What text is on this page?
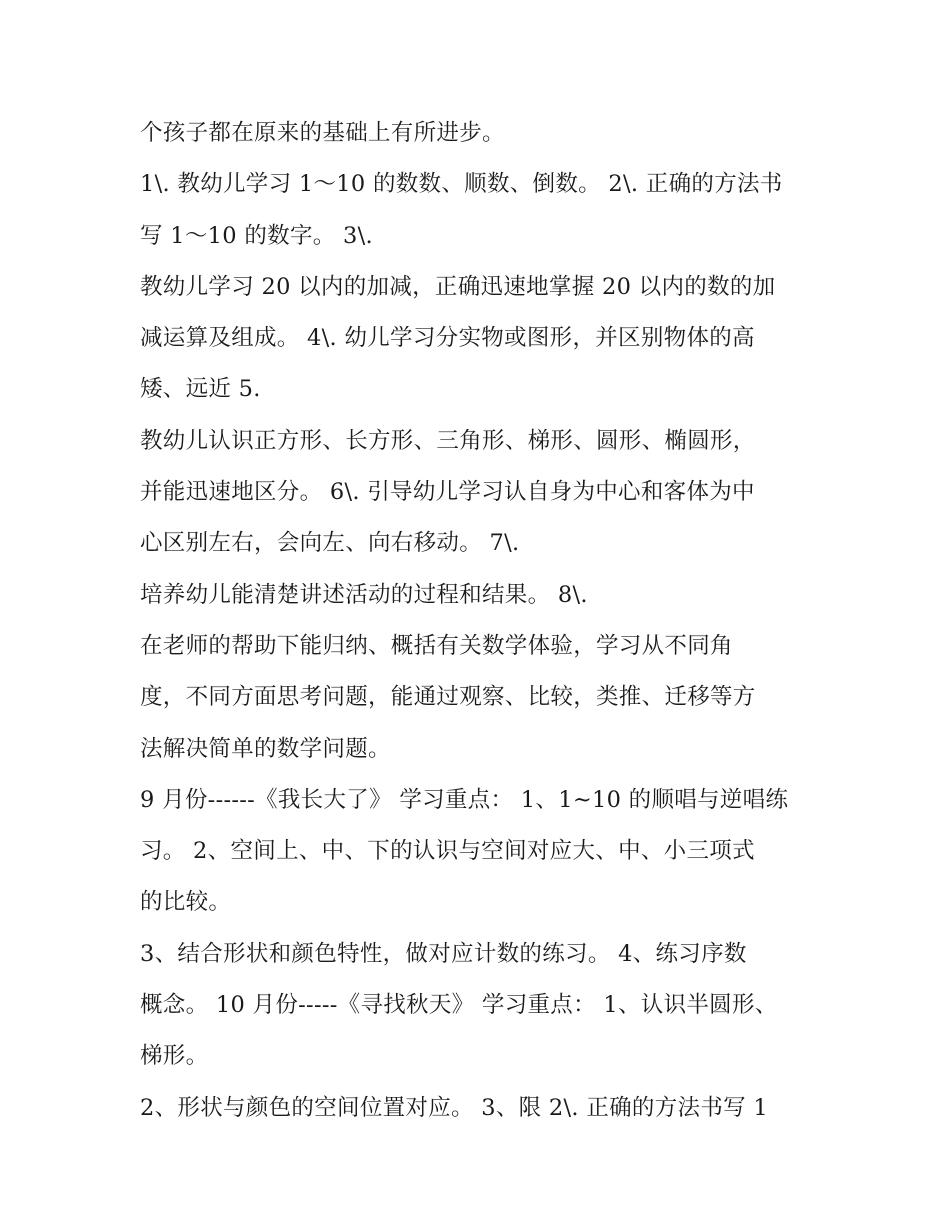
个孩子都在原来的基础上有所进步。
1\. 教幼儿学习 1～10 的数数、顺数、倒数。 2\. 正确的方法书
写 1～10 的数字。 3\.
教幼儿学习 20 以内的加减，正确迅速地掌握 20 以内的数的加
减运算及组成。 4\. 幼儿学习分实物或图形，并区别物体的高
矮、远近 5.
教幼儿认识正方形、长方形、三角形、梯形、圆形、椭圆形，
并能迅速地区分。 6\. 引导幼儿学习认自身为中心和客体为中
心区别左右，会向左、向右移动。 7\.
培养幼儿能清楚讲述活动的过程和结果。 8\.
在老师的帮助下能归纳、概括有关数学体验，学习从不同角
度，不同方面思考问题，能通过观察、比较，类推、迁移等方
法解决简单的数学问题。
9 月份------《我长大了》 学习重点： 1、1~10 的顺唱与逆唱练
习。 2、空间上、中、下的认识与空间对应大、中、小三项式
的比较。
3、结合形状和颜色特性，做对应计数的练习。 4、练习序数
概念。 10 月份-----《寻找秋天》 学习重点： 1、认识半圆形、
梯形。
2、形状与颜色的空间位置对应。 3、限 2\. 正确的方法书写 1
